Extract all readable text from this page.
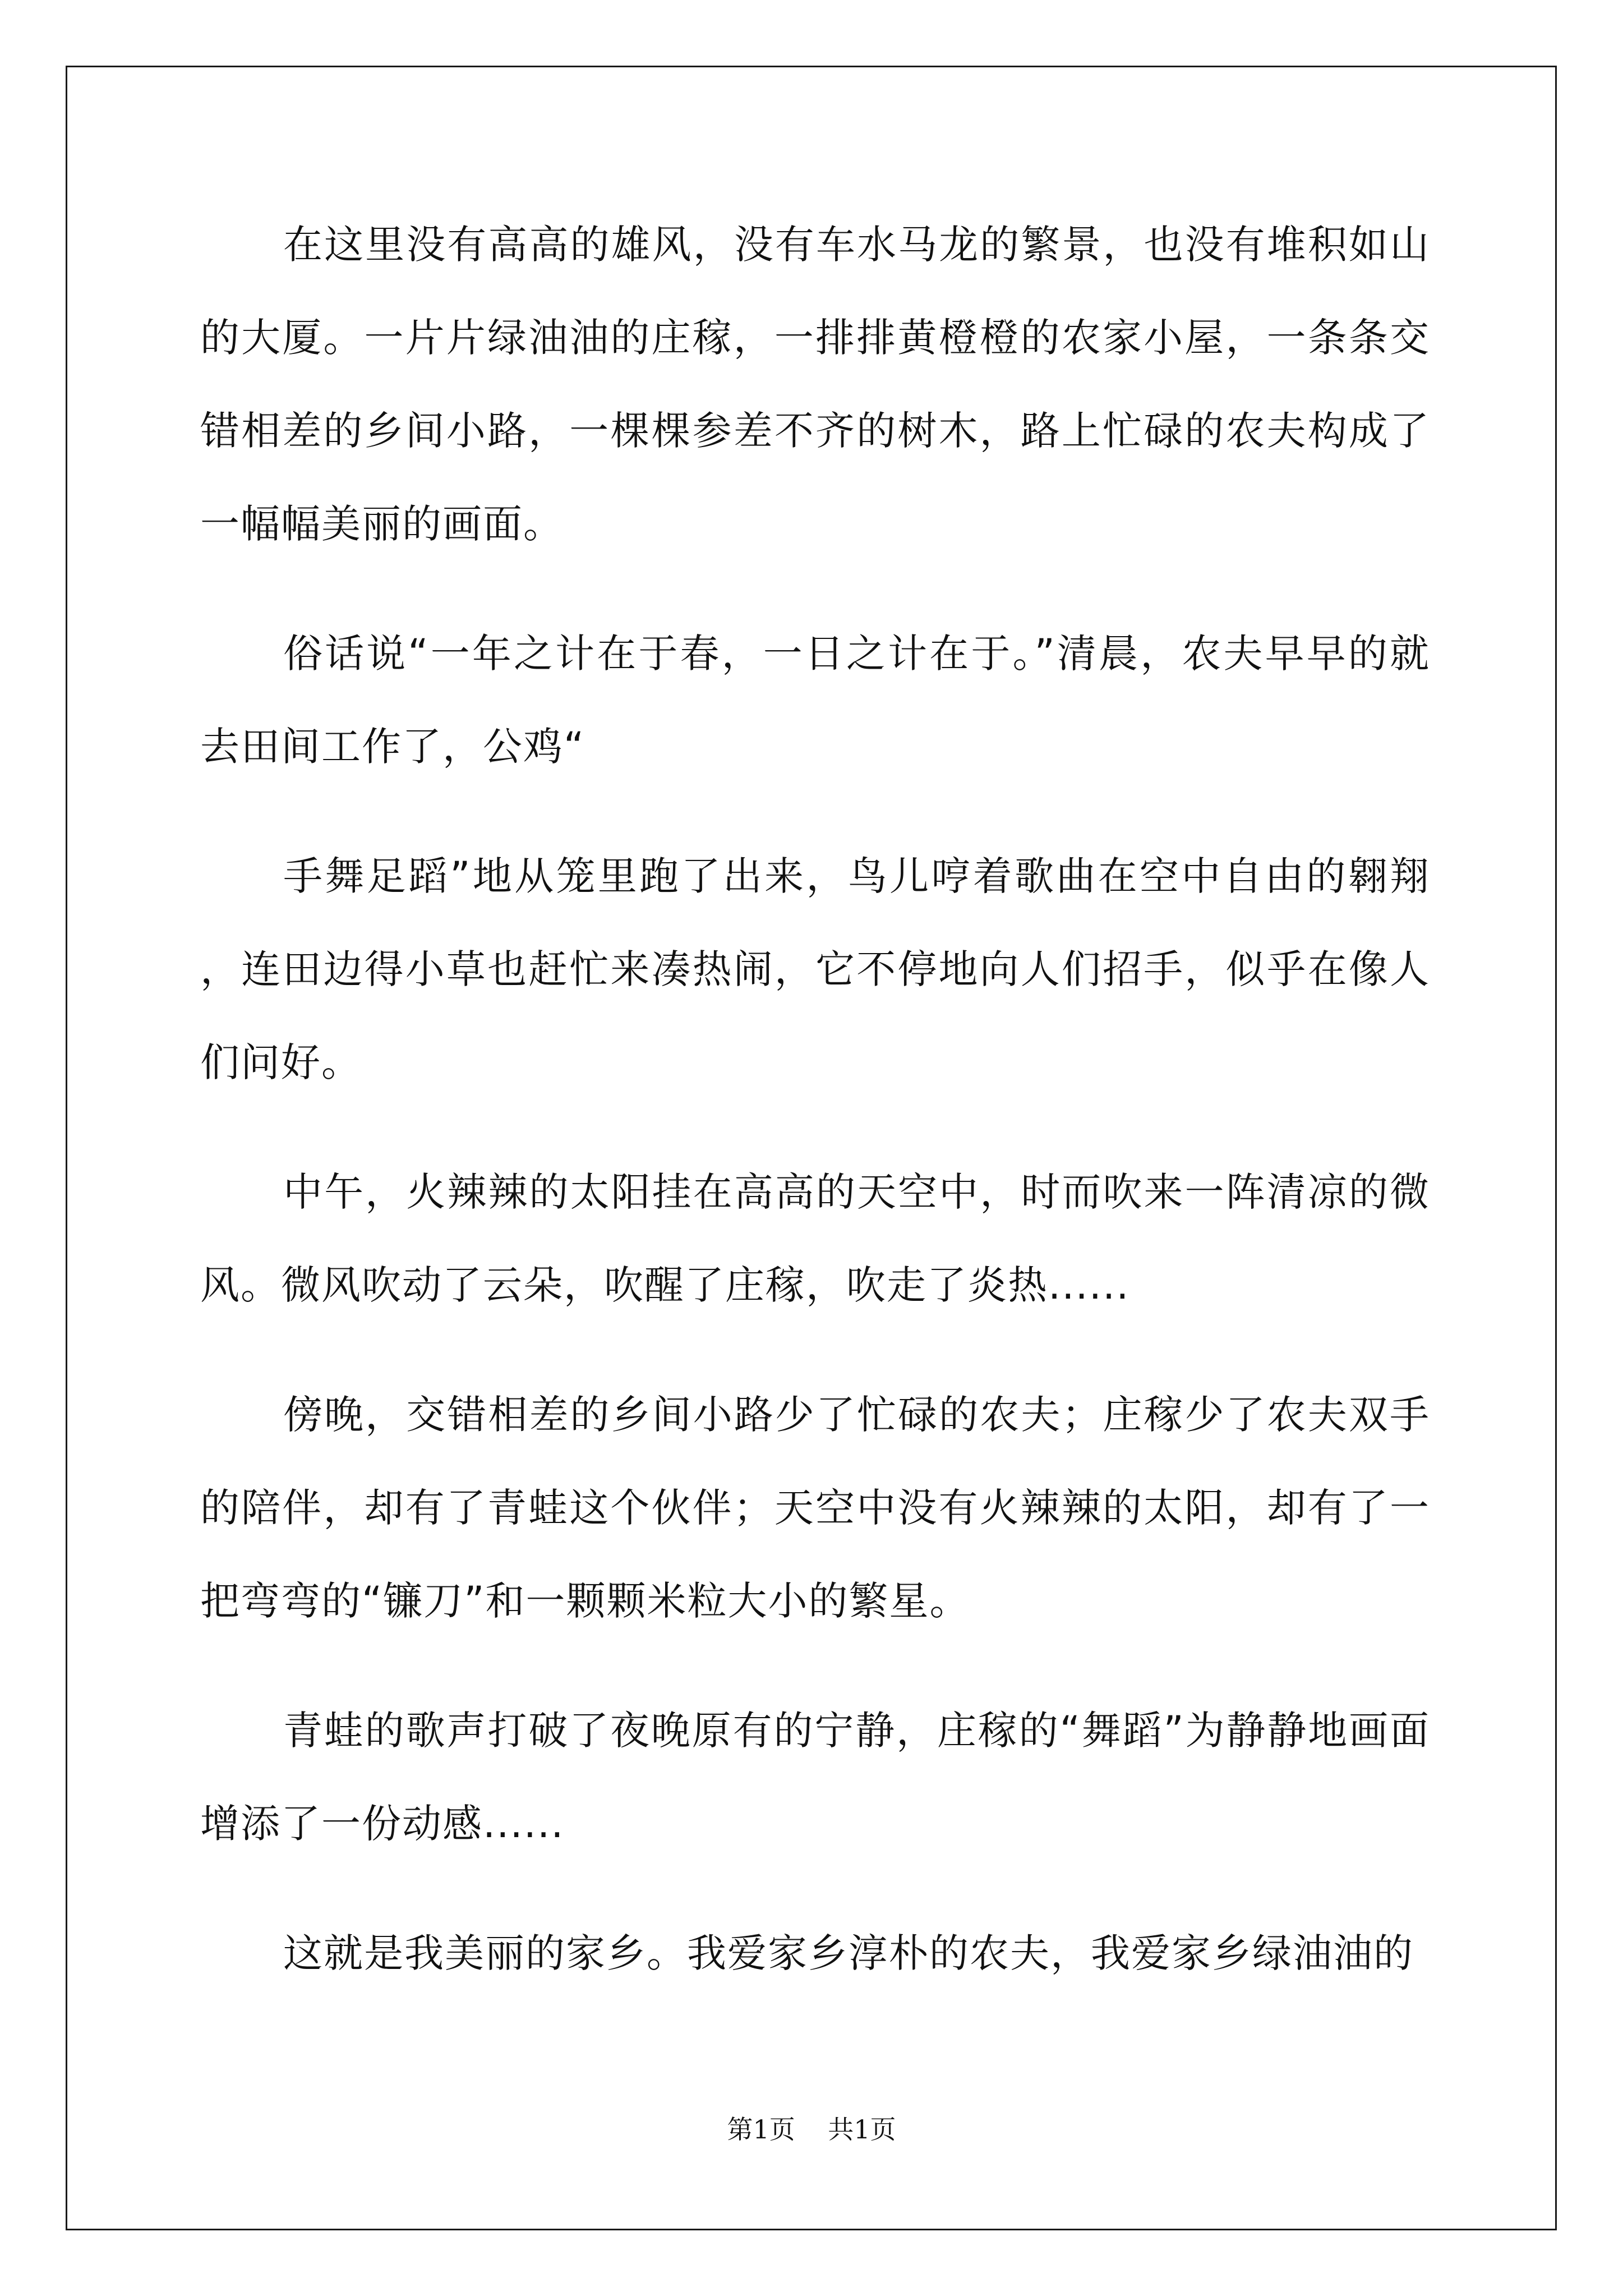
在这里没有高高的雄风，没有车水马龙的繁景，也没有堆积如山的大厦。一片片绿油油的庄稼，一排排黄橙橙的农家小屋，一条条交错相差的乡间小路，一棵棵参差不齐的树木，路上忙碌的农夫构成了一幅幅美丽的画面。

俗话说“一年之计在于春，一日之计在于。”清晨，农夫早早的就去田间工作了，公鸡“

手舞足蹈”地从笼里跑了出来，鸟儿哼着歌曲在空中自由的翱翔，连田边得小草也赶忙来凑热闹，它不停地向人们招手，似乎在像人们问好。

中午，火辣辣的太阳挂在高高的天空中，时而吹来一阵清凉的微风。微风吹动了云朵，吹醒了庄稼，吹走了炎热......

傍晚，交错相差的乡间小路少了忙碌的农夫；庄稼少了农夫双手的陪伴，却有了青蛙这个伙伴；天空中没有火辣辣的太阳，却有了一把弯弯的“镰刀”和一颗颗米粒大小的繁星。

青蛙的歌声打破了夜晚原有的宁静，庄稼的“舞蹈”为静静地画面增添了一份动感......

这就是我美丽的家乡。我爱家乡淳朴的农夫，我爱家乡绿油油的

第1页    共1页
